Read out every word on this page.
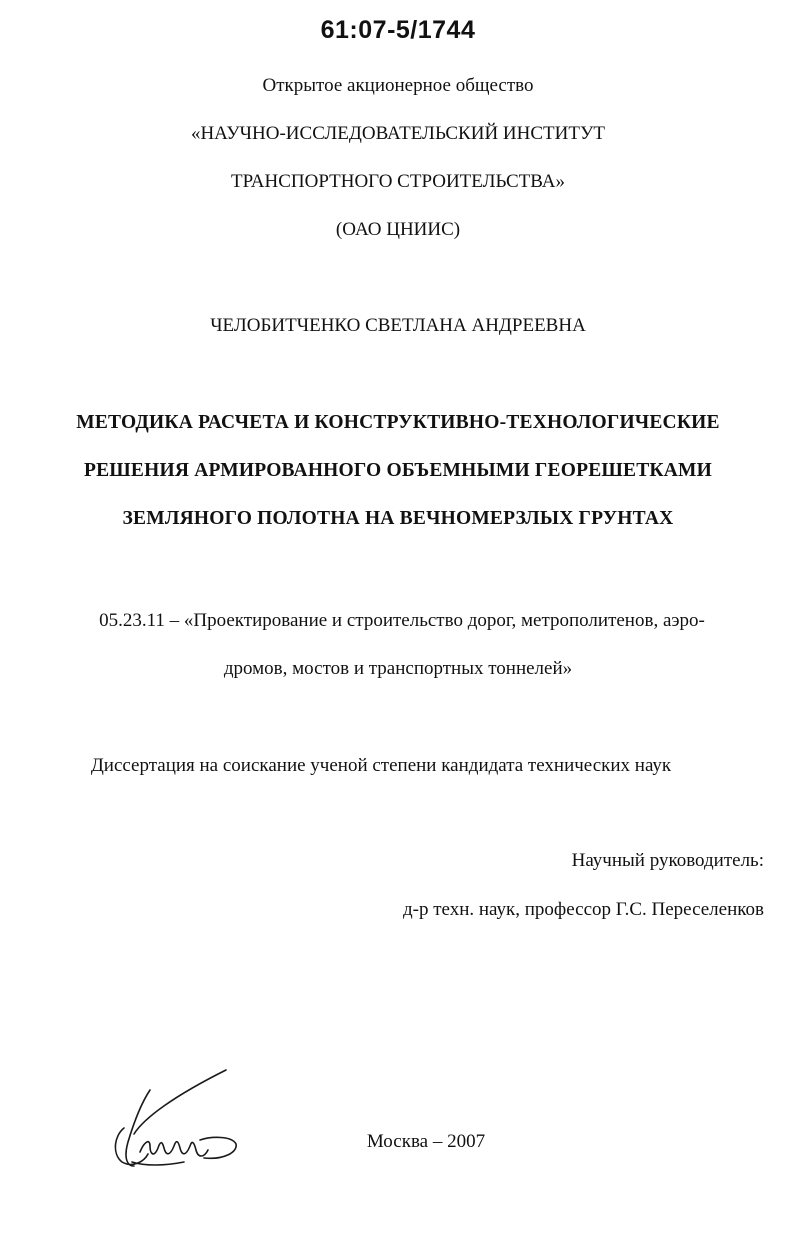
61:07-5/1744
Открытое акционерное общество
«НАУЧНО-ИССЛЕДОВАТЕЛЬСКИЙ ИНСТИТУТ
ТРАНСПОРТНОГО СТРОИТЕЛЬСТВА»
(ОАО ЦНИИС)
ЧЕЛОБИТЧЕНКО СВЕТЛАНА АНДРЕЕВНА
МЕТОДИКА РАСЧЕТА И КОНСТРУКТИВНО-ТЕХНОЛОГИЧЕСКИЕ
РЕШЕНИЯ АРМИРОВАННОГО ОБЪЕМНЫМИ ГЕОРЕШЕТКАМИ
ЗЕМЛЯНОГО ПОЛОТНА НА ВЕЧНОМЕРЗЛЫХ ГРУНТАХ
05.23.11 – «Проектирование и строительство дорог, метрополитенов, аэро-
дромов, мостов и транспортных тоннелей»
Диссертация на соискание ученой степени кандидата технических наук
Научный руководитель:
д-р техн. наук, профессор Г.С. Переселенков
Москва – 2007
